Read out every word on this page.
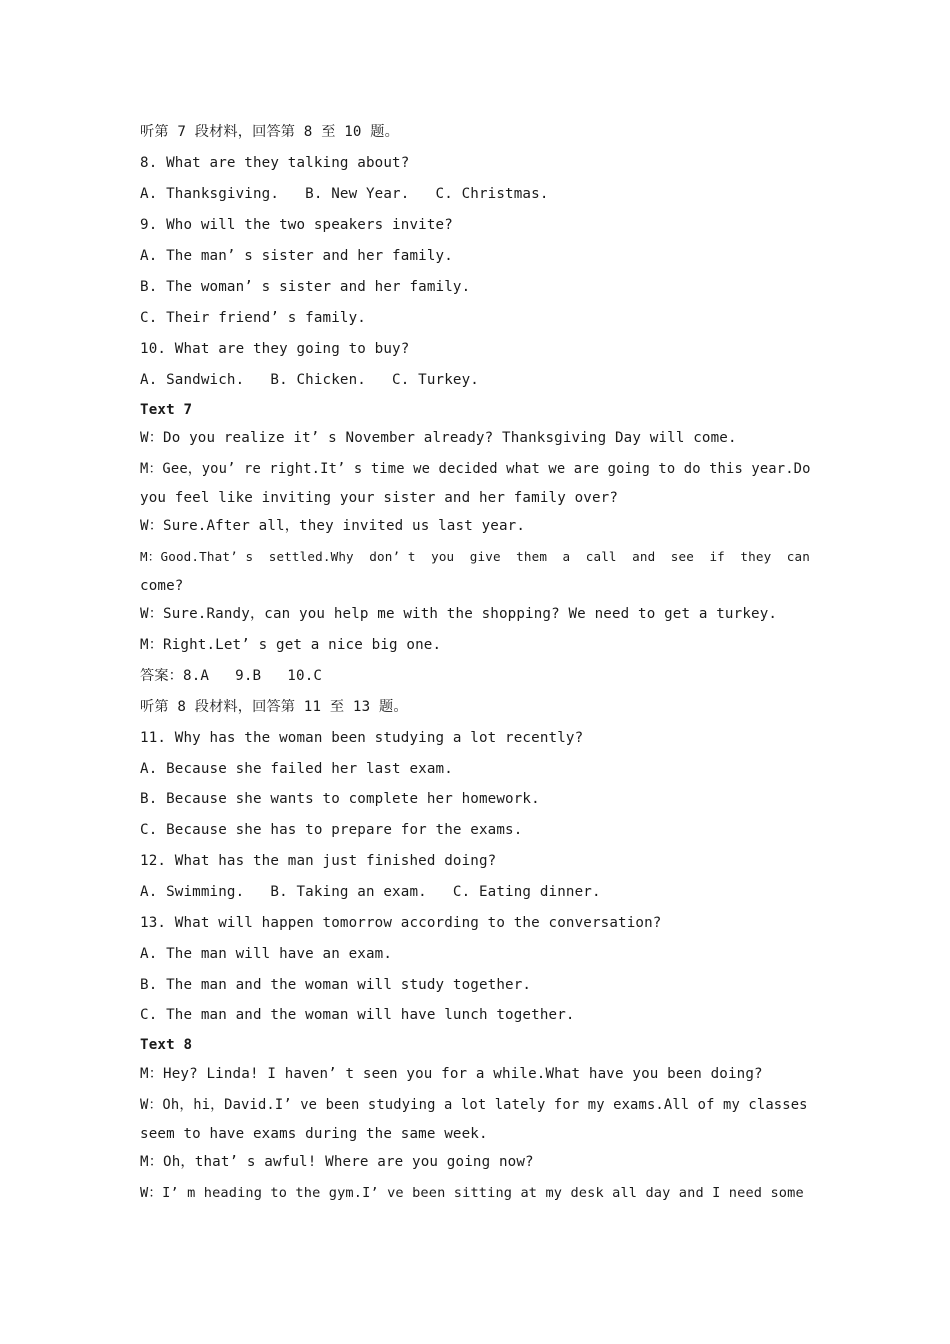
听第 7 段材料，回答第 8 至 10 题。
8. What are they talking about?
A. Thanksgiving.   B. New Year.   C. Christmas.
9. Who will the two speakers invite?
A. The man’ s sister and her family.
B. The woman’ s sister and her family.
C. Their friend’ s family.
10. What are they going to buy?
A. Sandwich.   B. Chicken.   C. Turkey.
Text 7
W：Do you realize it’ s November already? Thanksgiving Day will come.
M：Gee，you’ re right.It’ s time we decided what we are going to do this year.Do
you feel like inviting your sister and her family over?
W：Sure.After all，they invited us last year.
M：Good.That’ s  settled.Why  don’ t  you  give  them  a  call  and  see  if  they  can
come?
W：Sure.Randy，can you help me with the shopping? We need to get a turkey.
M：Right.Let’ s get a nice big one.
答案：8.A   9.B   10.C
听第 8 段材料，回答第 11 至 13 题。
11. Why has the woman been studying a lot recently?
A. Because she failed her last exam.
B. Because she wants to complete her homework.
C. Because she has to prepare for the exams.
12. What has the man just finished doing?
A. Swimming.   B. Taking an exam.   C. Eating dinner.
13. What will happen tomorrow according to the conversation?
A. The man will have an exam.
B. The man and the woman will study together.
C. The man and the woman will have lunch together.
Text 8
M：Hey? Linda! I haven’ t seen you for a while.What have you been doing?
W：Oh，hi，David.I’ ve been studying a lot lately for my exams.All of my classes
seem to have exams during the same week.
M：Oh，that’ s awful! Where are you going now?
W：I’ m heading to the gym.I’ ve been sitting at my desk all day and I need some
